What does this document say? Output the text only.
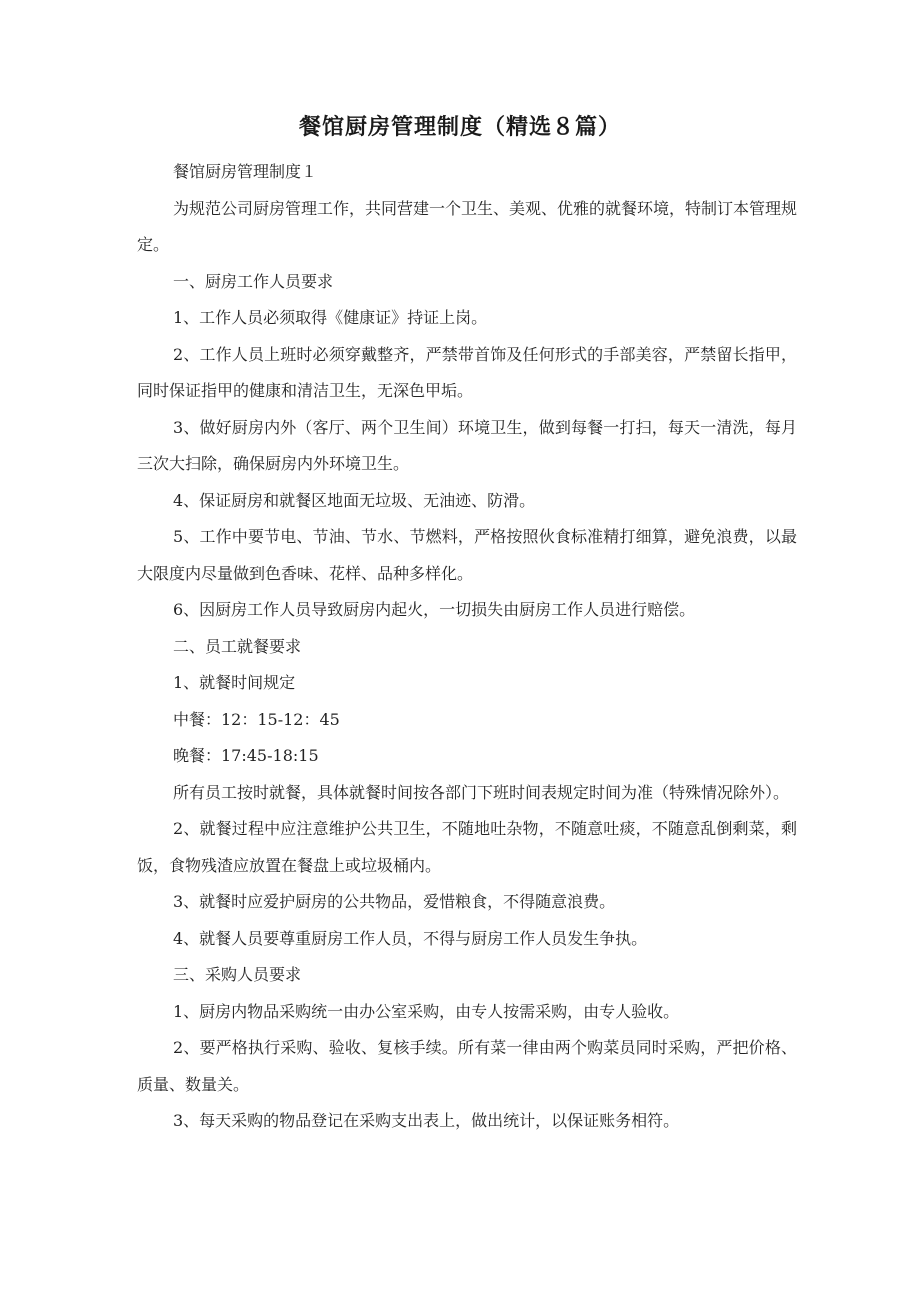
餐馆厨房管理制度（精选８篇）

餐馆厨房管理制度１

为规范公司厨房管理工作，共同营建一个卫生、美观、优雅的就餐环境，特制订本管理规定。

一、厨房工作人员要求

1、工作人员必须取得《健康证》持证上岗。

2、工作人员上班时必须穿戴整齐，严禁带首饰及任何形式的手部美容，严禁留长指甲，同时保证指甲的健康和清洁卫生，无深色甲垢。

3、做好厨房内外（客厅、两个卫生间）环境卫生，做到每餐一打扫，每天一清洗，每月三次大扫除，确保厨房内外环境卫生。

4、保证厨房和就餐区地面无垃圾、无油迹、防滑。

5、工作中要节电、节油、节水、节燃料，严格按照伙食标准精打细算，避免浪费，以最大限度内尽量做到色香味、花样、品种多样化。

6、因厨房工作人员导致厨房内起火，一切损失由厨房工作人员进行赔偿。

二、员工就餐要求

1、就餐时间规定

中餐：12：15-12：45

晚餐：17:45-18:15

所有员工按时就餐，具体就餐时间按各部门下班时间表规定时间为准（特殊情况除外）。

2、就餐过程中应注意维护公共卫生，不随地吐杂物，不随意吐痰，不随意乱倒剩菜，剩饭，食物残渣应放置在餐盘上或垃圾桶内。

3、就餐时应爱护厨房的公共物品，爱惜粮食，不得随意浪费。

4、就餐人员要尊重厨房工作人员，不得与厨房工作人员发生争执。

三、采购人员要求

1、厨房内物品采购统一由办公室采购，由专人按需采购，由专人验收。

2、要严格执行采购、验收、复核手续。所有菜一律由两个购菜员同时采购，严把价格、质量、数量关。

3、每天采购的物品登记在采购支出表上，做出统计，以保证账务相符。
